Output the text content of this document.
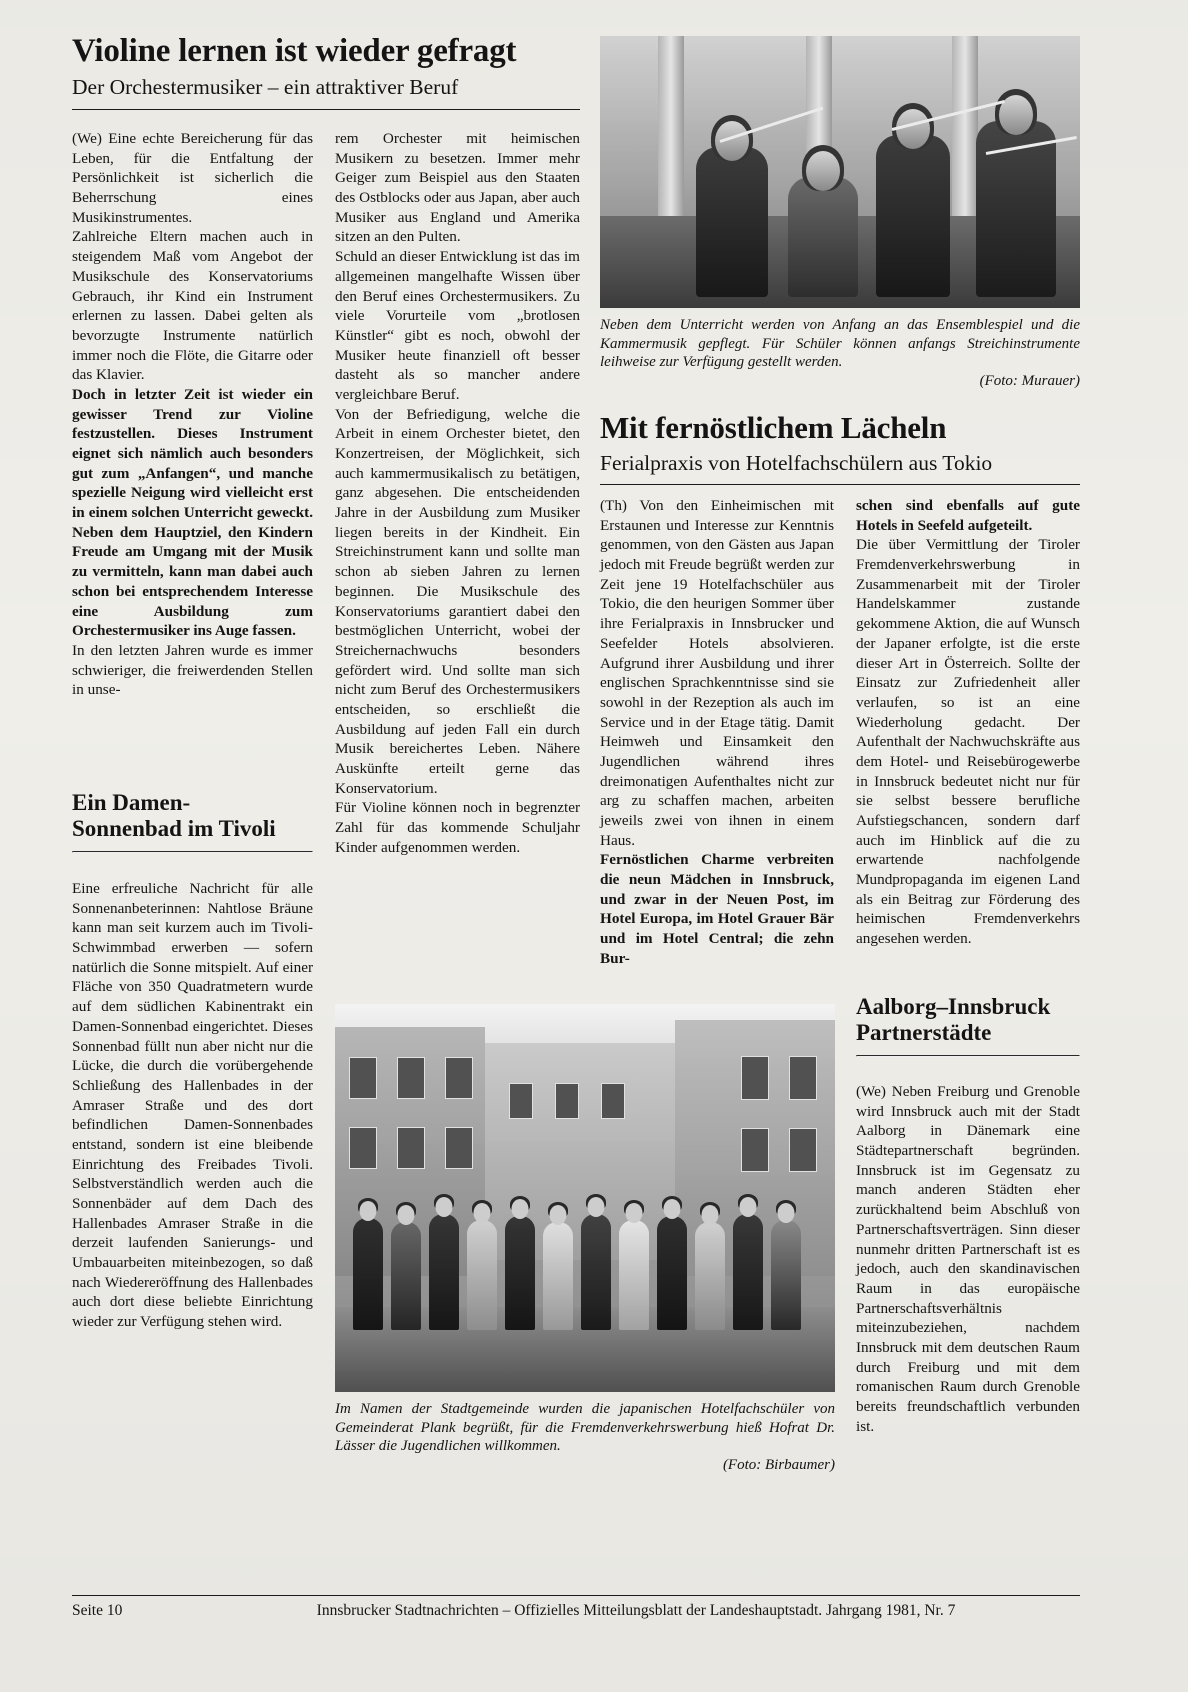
Violine lernen ist wieder gefragt
Der Orchestermusiker – ein attraktiver Beruf

(We) Eine echte Bereicherung für das Leben, für die Entfaltung der Persönlichkeit ist sicherlich die Beherrschung eines Musikinstrumentes.

Zahlreiche Eltern machen auch in steigendem Maß vom Angebot der Musikschule des Konservatoriums Gebrauch, ihr Kind ein Instrument erlernen zu lassen. Dabei gelten als bevorzugte Instrumente natürlich immer noch die Flöte, die Gitarre oder das Klavier.

Doch in letzter Zeit ist wieder ein gewisser Trend zur Violine festzustellen. Dieses Instrument eignet sich nämlich auch besonders gut zum „Anfangen“, und manche spezielle Neigung wird vielleicht erst in einem solchen Unterricht geweckt. Neben dem Hauptziel, den Kindern Freude am Umgang mit der Musik zu vermitteln, kann man dabei auch schon bei entsprechendem Interesse eine Ausbildung zum Orchestermusiker ins Auge fassen.

In den letzten Jahren wurde es immer schwieriger, die freiwerdenden Stellen in unse-

Ein Damen-
Sonnenbad im Tivoli

Eine erfreuliche Nachricht für alle Sonnenanbeterinnen: Nahtlose Bräune kann man seit kurzem auch im Tivoli-Schwimmbad erwerben — sofern natürlich die Sonne mitspielt. Auf einer Fläche von 350 Quadratmetern wurde auf dem südlichen Kabinentrakt ein Damen-Sonnenbad eingerichtet. Dieses Sonnenbad füllt nun aber nicht nur die Lücke, die durch die vorübergehende Schließung des Hallenbades in der Amraser Straße und des dort befindlichen Damen-Sonnenbades entstand, sondern ist eine bleibende Einrichtung des Freibades Tivoli. Selbstverständlich werden auch die Sonnenbäder auf dem Dach des Hallenbades Amraser Straße in die derzeit laufenden Sanierungs- und Umbauarbeiten miteinbezogen, so daß nach Wiedereröffnung des Hallenbades auch dort diese beliebte Einrichtung wieder zur Verfügung stehen wird.

rem Orchester mit heimischen Musikern zu besetzen. Immer mehr Geiger zum Beispiel aus den Staaten des Ostblocks oder aus Japan, aber auch Musiker aus England und Amerika sitzen an den Pulten.

Schuld an dieser Entwicklung ist das im allgemeinen mangelhafte Wissen über den Beruf eines Orchestermusikers. Zu viele Vorurteile vom „brotlosen Künstler“ gibt es noch, obwohl der Musiker heute finanziell oft besser dasteht als so mancher andere vergleichbare Beruf.

Von der Befriedigung, welche die Arbeit in einem Orchester bietet, den Konzertreisen, der Möglichkeit, sich auch kammermusikalisch zu betätigen, ganz abgesehen. Die entscheidenden Jahre in der Ausbildung zum Musiker liegen bereits in der Kindheit. Ein Streichinstrument kann und sollte man schon ab sieben Jahren zu lernen beginnen. Die Musikschule des Konservatoriums garantiert dabei den bestmöglichen Unterricht, wobei der Streichernachwuchs besonders gefördert wird. Und sollte man sich nicht zum Beruf des Orchestermusikers entscheiden, so erschließt die Ausbildung auf jeden Fall ein durch Musik bereichertes Leben. Nähere Auskünfte erteilt gerne das Konservatorium.

Für Violine können noch in begrenzter Zahl für das kommende Schuljahr Kinder aufgenommen werden.

Neben dem Unterricht werden von Anfang an das Ensemblespiel und die Kammermusik gepflegt. Für Schüler können anfangs Streichinstrumente leihweise zur Verfügung gestellt werden.
(Foto: Murauer)
Mit fernöstlichem Lächeln
Ferialpraxis von Hotelfachschülern aus Tokio

(Th) Von den Einheimischen mit Erstaunen und Interesse zur Kenntnis genommen, von den Gästen aus Japan jedoch mit Freude begrüßt werden zur Zeit jene 19 Hotelfachschüler aus Tokio, die den heurigen Sommer über ihre Ferialpraxis in Innsbrucker und Seefelder Hotels absolvieren. Aufgrund ihrer Ausbildung und ihrer englischen Sprachkenntnisse sind sie sowohl in der Rezeption als auch im Service und in der Etage tätig. Damit Heimweh und Einsamkeit den Jugendlichen während ihres dreimonatigen Aufenthaltes nicht zur arg zu schaffen machen, arbeiten jeweils zwei von ihnen in einem Haus.

Fernöstlichen Charme verbreiten die neun Mädchen in Innsbruck, und zwar in der Neuen Post, im Hotel Europa, im Hotel Grauer Bär und im Hotel Central; die zehn Bur-

schen sind ebenfalls auf gute Hotels in Seefeld aufgeteilt.

Die über Vermittlung der Tiroler Fremdenverkehrswerbung in Zusammenarbeit mit der Tiroler Handelskammer zustande gekommene Aktion, die auf Wunsch der Japaner erfolgte, ist die erste dieser Art in Österreich. Sollte der Einsatz zur Zufriedenheit aller verlaufen, so ist an eine Wiederholung gedacht. Der Aufenthalt der Nachwuchskräfte aus dem Hotel- und Reisebürogewerbe in Innsbruck bedeutet nicht nur für sie selbst bessere berufliche Aufstiegschancen, sondern darf auch im Hinblick auf die zu erwartende nachfolgende Mundpropaganda im eigenen Land als ein Beitrag zur Förderung des heimischen Fremdenverkehrs angesehen werden.

Aalborg–Innsbruck
Partnerstädte

(We) Neben Freiburg und Grenoble wird Innsbruck auch mit der Stadt Aalborg in Dänemark eine Städtepartnerschaft begründen. Innsbruck ist im Gegensatz zu manch anderen Städten eher zurückhaltend beim Abschluß von Partnerschaftsverträgen. Sinn dieser nunmehr dritten Partnerschaft ist es jedoch, auch den skandinavischen Raum in das europäische Partnerschaftsverhältnis miteinzubeziehen, nachdem Innsbruck mit dem deutschen Raum durch Freiburg und mit dem romanischen Raum durch Grenoble bereits freundschaftlich verbunden ist.

Im Namen der Stadtgemeinde wurden die japanischen Hotelfachschüler von Gemeinderat Plank begrüßt, für die Fremdenverkehrswerbung hieß Hofrat Dr. Lässer die Jugendlichen willkommen.
(Foto: Birbaumer)
Seite 10	Innsbrucker Stadtnachrichten – Offizielles Mitteilungsblatt der Landeshauptstadt. Jahrgang 1981, Nr. 7
